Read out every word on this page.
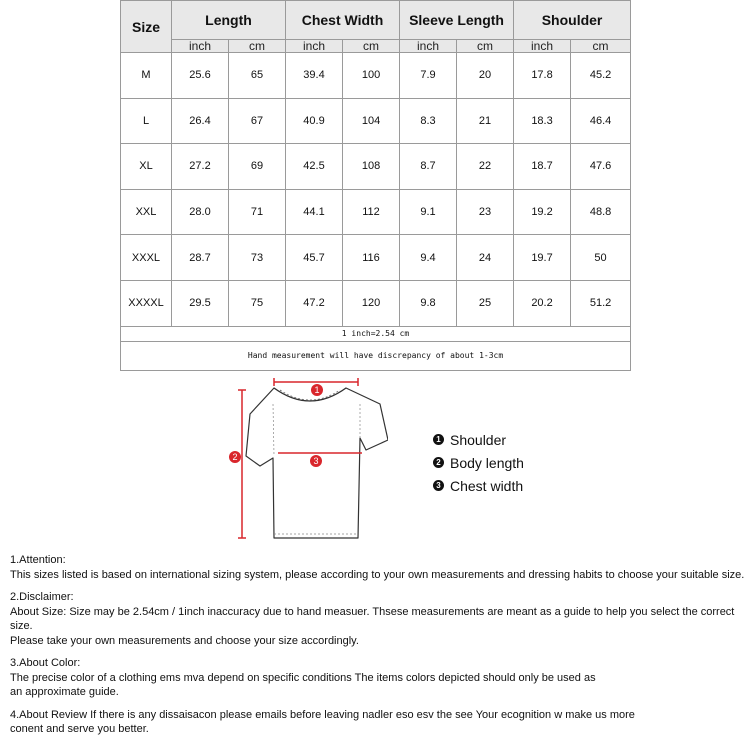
Size	Length		Chest Width		Sleeve Length		Shoulder	
	inch	cm	inch	cm	inch	cm	inch	cm
M	25.6	65	39.4	100	7.9	20	17.8	45.2
L	26.4	67	40.9	104	8.3	21	18.3	46.4
XL	27.2	69	42.5	108	8.7	22	18.7	47.6
XXL	28.0	71	44.1	112	9.1	23	19.2	48.8
XXXL	28.7	73	45.7	116	9.4	24	19.7	50
XXXXL	29.5	75	47.2	120	9.8	25	20.2	51.2
1 inch=2.54 cm								
Hand measurement will have discrepancy of about 1-3cm								
1
2	3
1 Shoulder
2 Body length
3 Chest width

1.Attention:

This sizes listed is based on international sizing system, please according to your own measurements and dressing habits to choose your suitable size.

2.Disclaimer:

About Size: Size may be 2.54cm / 1inch inaccuracy due to hand measuer. Thsese measurements are meant as a guide to help you select the correct size.

Please take your own measurements and choose your size accordingly.

3.About Color:

The precise color of a clothing ems mva depend on specific conditions The items colors depicted should only be used as

an approximate guide.

4.About Review If there is any dissaisacon please emails before leaving nadler eso esv the see Your ecognition w make us more

conent and serve you better.
